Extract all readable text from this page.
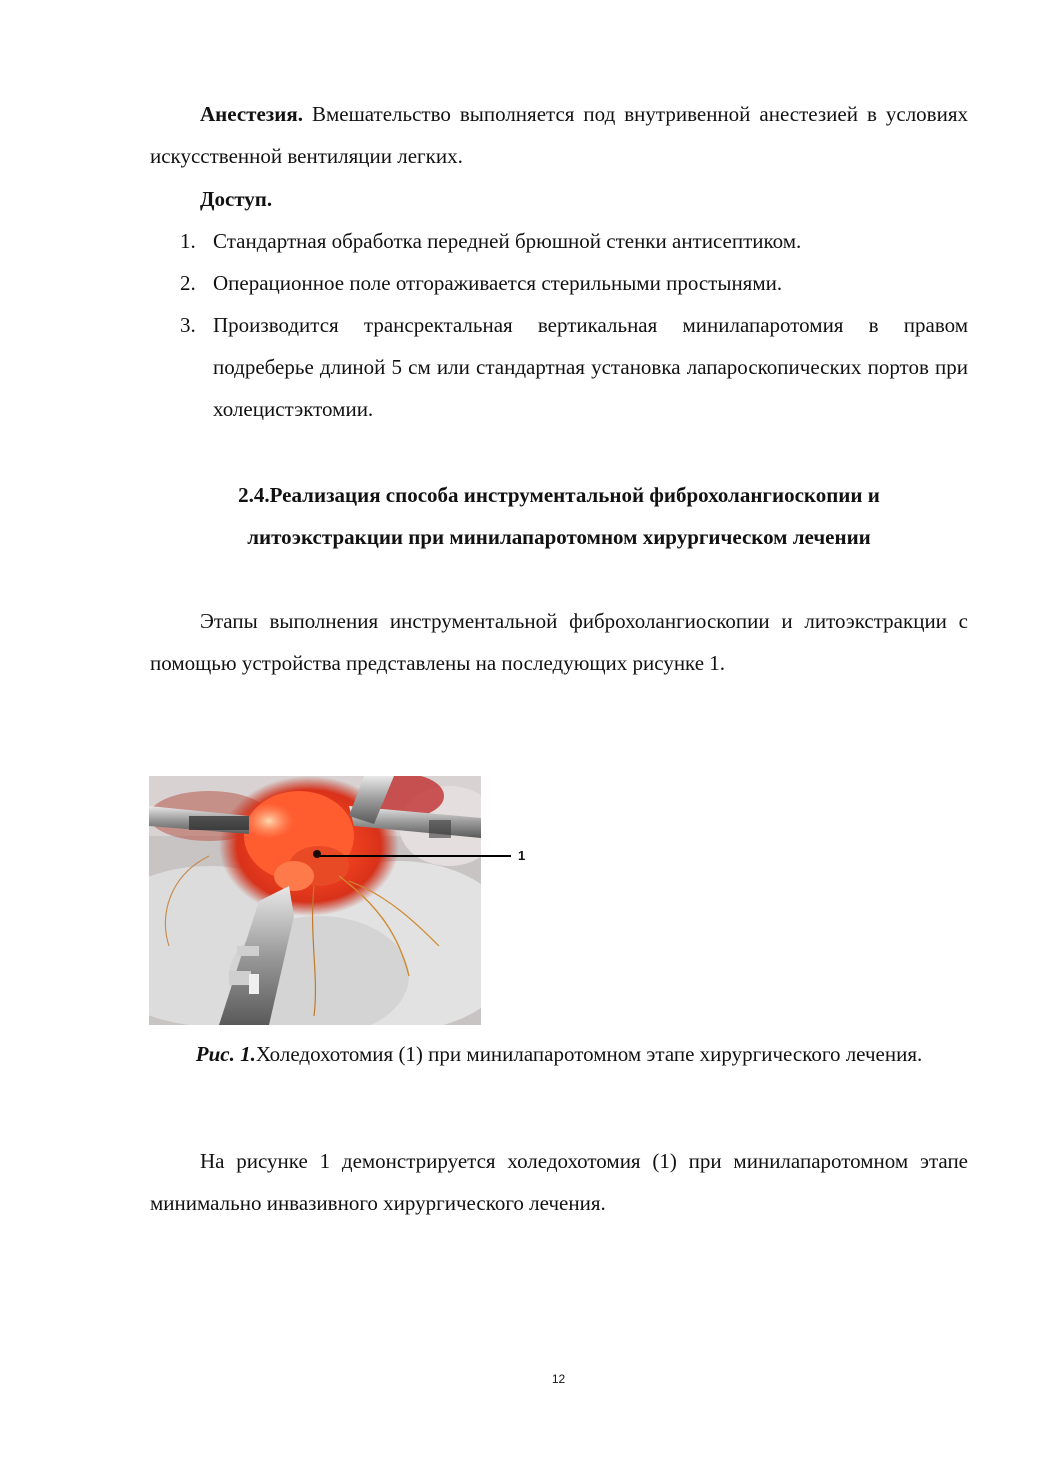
Анестезия. Вмешательство выполняется под внутривенной анестезией в условиях искусственной вентиляции легких.
Доступ.
1. Стандартная обработка передней брюшной стенки антисептиком.
2. Операционное поле отгораживается стерильными простынями.
3. Производится трансректальная вертикальная минилапаротомия в правом подреберье длиной 5 см или стандартная установка лапароскопических портов при холецистэктомии.
2.4.Реализация способа инструментальной фиброхолангиоскопии и
литоэкстракции при минилапаротомном хирургическом лечении
Этапы выполнения инструментальной фиброхолангиоскопии и литоэкстракции с помощью устройства представлены на последующих рисунке 1.
1
Рис. 1.Холедохотомия (1) при минилапаротомном этапе хирургического лечения.
На рисунке 1 демонстрируется холедохотомия (1) при минилапаротомном этапе минимально инвазивного хирургического лечения.
12
